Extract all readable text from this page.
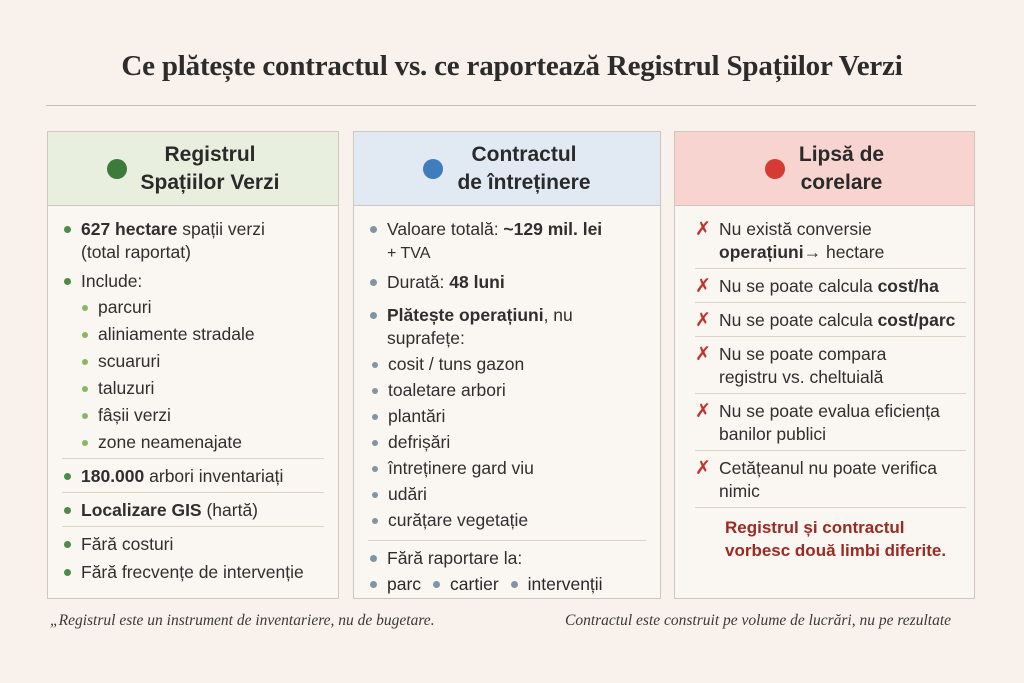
Ce plătește contractul vs. ce raportează Registrul Spațiilor Verzi
Registrul
Spațiilor Verzi
627 hectare spații verzi
(total raportat)
Include:
parcuri
aliniamente stradale
scuaruri
taluzuri
fâșii verzi
zone neamenajate
180.000 arbori inventariați
Localizare GIS (hartă)
Fără costuri
Fără frecvențe de intervenție
Contractul
de întreținere
Valoare totală: ~129 mil. lei
+ TVA
Durată: 48 luni
Plătește operațiuni, nu
suprafețe:
cosit / tuns gazon
toaletare arbori
plantări
defrișări
întreținere gard viu
udări
curățare vegetație
Fără raportare la:
parc cartier intervenții
Lipsă de
corelare
✗ Nu există conversie
operațiuni→ hectare
✗ Nu se poate calcula cost/ha
✗ Nu se poate calcula cost/parc
✗ Nu se poate compara
registru vs. cheltuială
✗ Nu se poate evalua eficiența
banilor publici
✗ Cetățeanul nu poate verifica
nimic
Registrul și contractul
vorbesc două limbi diferite.
„Registrul este un instrument de inventariere, nu de bugetare.	Contractul este construit pe volume de lucrări, nu pe rezultate
